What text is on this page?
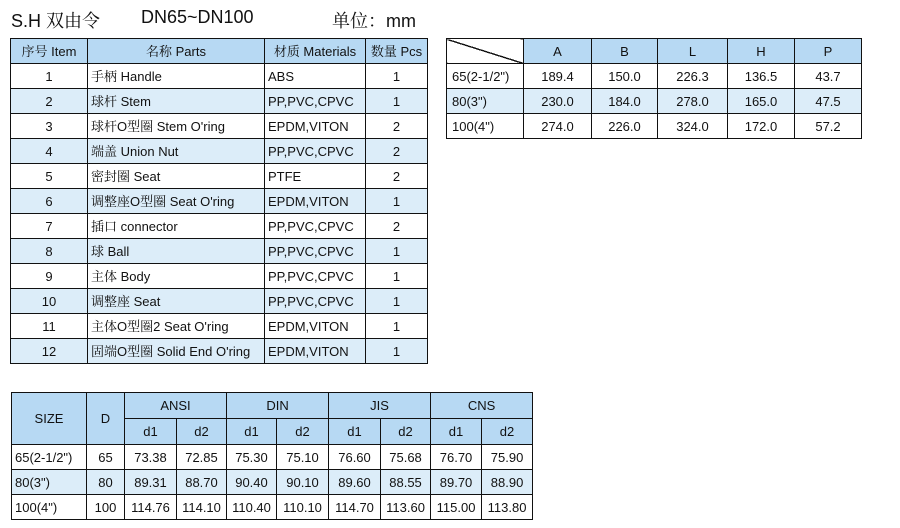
S.H 双由令 DN65~DN100	单位：mm
序号 Item	名称 Parts	材质 Materials	数量 Pcs
1	手柄 Handle	ABS	1
2	球杆 Stem	PP,PVC,CPVC	1
3	球杆O型圈 Stem O'ring	EPDM,VITON	2
4	端盖 Union Nut	PP,PVC,CPVC	2
5	密封圈 Seat	PTFE	2
6	调整座O型圈 Seat O'ring	EPDM,VITON	1
7	插口 connector	PP,PVC,CPVC	2
8	球 Ball	PP,PVC,CPVC	1
9	主体 Body	PP,PVC,CPVC	1
10	调整座 Seat	PP,PVC,CPVC	1
11	主体O型圈2 Seat O'ring	EPDM,VITON	1
12	固端O型圈 Solid End O'ring	EPDM,VITON	1
	A	B	L	H	P
65(2-1/2")	189.4	150.0	226.3	136.5	43.7
80(3")	230.0	184.0	278.0	165.0	47.5
100(4")	274.0	226.0	324.0	172.0	57.2
SIZE	D	ANSI		DIN		JIS		CNS	
		d1	d2	d1	d2	d1	d2	d1	d2
65(2-1/2")	65	73.38	72.85	75.30	75.10	76.60	75.68	76.70	75.90
80(3")	80	89.31	88.70	90.40	90.10	89.60	88.55	89.70	88.90
100(4")	100	114.76	114.10	110.40	110.10	114.70	113.60	115.00	113.80
